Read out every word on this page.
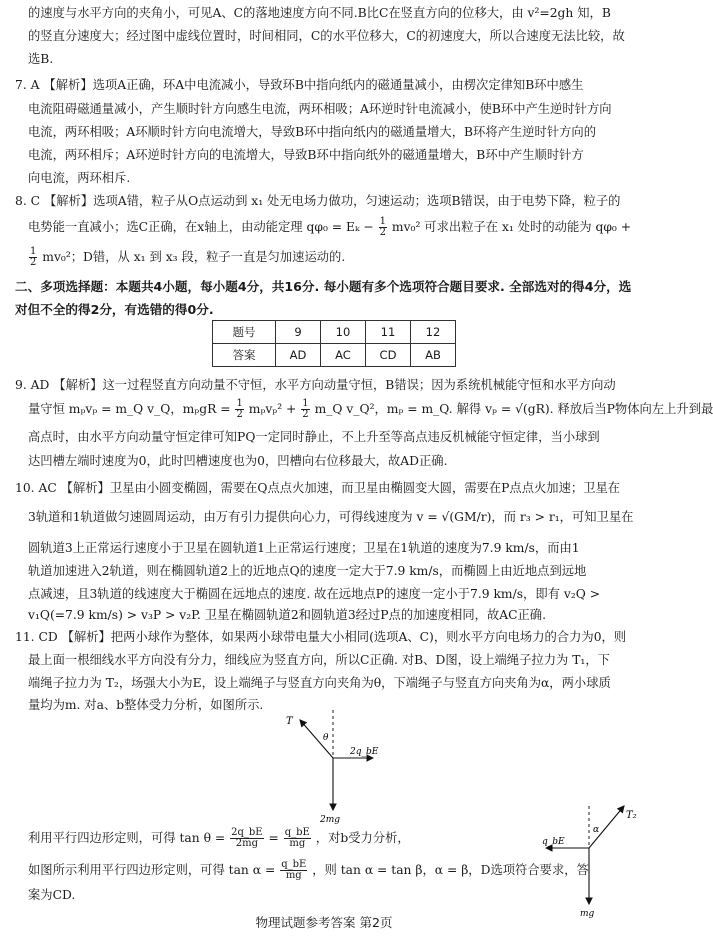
的速度与水平方向的夹角小，可见A、C的落地速度方向不同.B比C在竖直方向的位移大，由 v²=2gh 知，B
的竖直分速度大；经过图中虚线位置时，时间相同，C的水平位移大，C的初速度大，所以合速度无法比较，故
选B.
7. A 【解析】选项A正确，环A中电流减小，导致环B中指向纸内的磁通量减小，由楞次定律知B环中感生
电流阻碍磁通量减小，产生顺时针方向感生电流，两环相吸；A环逆时针电流减小，使B环中产生逆时针方向
电流，两环相吸；A环顺时针方向电流增大，导致B环中指向纸内的磁通量增大，B环将产生逆时针方向的
电流，两环相斥；A环逆时针方向的电流增大，导致B环中指向纸外的磁通量增大，B环中产生顺时针方
向电流，两环相斥.
8. C 【解析】选项A错，粒子从O点运动到 x₁ 处无电场力做功，匀速运动；选项B错误，由于电势下降，粒子的
电势能一直减小；选C正确，在x轴上，由动能定理 $q\varphi_0 = E_k - \frac{1}{2} mv_0^2$ 可求出粒子在 x₁ 处时的动能为 qφ₀ +
$\frac{1}{2} mv_0^2$；D错，从 x₁ 到 x₃ 段，粒子一直是匀加速运动的.
二、多项选择题：本题共4小题，每小题4分，共16分. 每小题有多个选项符合题目要求. 全部选对的得4分，选
对但不全的得2分，有选错的得0分.
题号	9	10	11	12
答案	AD	AC	CD	AB
9. AD 【解析】这一过程竖直方向动量不守恒，水平方向动量守恒，B错误；因为系统机械能守恒和水平方向动
量守恒 mₚvₚ = m_Q v_Q，$m_pgR = \frac{1}{2} m_pv_p^2 + \frac{1}{2}$ m_Q v_Q²，mₚ = m_Q. 解得 vₚ = √(gR). 释放后当P物体向左上升到最
高点时，由水平方向动量守恒定律可知PQ一定同时静止，不上升至等高点违反机械能守恒定律，当小球到
达凹槽左端时速度为0，此时凹槽速度也为0，凹槽向右位移最大，故AD正确.
10. AC 【解析】卫星由小圆变椭圆，需要在Q点点火加速，而卫星由椭圆变大圆，需要在P点点火加速；卫星在
3轨道和1轨道做匀速圆周运动，由万有引力提供向心力，可得线速度为 v = √(GM/r)，而 r₃ > r₁，可知卫星在
圆轨道3上正常运行速度小于卫星在圆轨道1上正常运行速度；卫星在1轨道的速度为7.9 km/s，而由1
轨道加速进入2轨道，则在椭圆轨道2上的近地点Q的速度一定大于7.9 km/s，而椭圆上由近地点到远地
点减速，且3轨道的线速度大于椭圆在远地点的速度. 故在远地点P的速度一定小于7.9 km/s，即有 v₂Q >
v₁Q(=7.9 km/s) > v₃P > v₂P. 卫星在椭圆轨道2和圆轨道3经过P点的加速度相同，故AC正确.
11. CD 【解析】把两小球作为整体，如果两小球带电量大小相同(选项A、C)，则水平方向电场力的合力为0，则
最上面一根细线水平方向没有分力，细线应为竖直方向，所以C正确. 对B、D图，设上端绳子拉力为 T₁，下
端绳子拉力为 T₂，场强大小为E，设上端绳子与竖直方向夹角为θ，下端绳子与竖直方向夹角为α，两小球质
量均为m. 对a、b整体受力分析，如图所示.
T
θ
2q_bE
2mg
利用平行四边形定则，可得 $\tan \theta = \frac{2q\_bE}{2mg} = \frac{q\_bE}{mg}$ ，对b受力分析，
如图所示利用平行四边形定则，可得 $\tan \alpha = \frac{q\_bE}{mg}$ ，则 tan α = tan β，α = β，D选项符合要求，答
案为CD.
T₂
α
q_bE
mg
物理试题参考答案 第2页
